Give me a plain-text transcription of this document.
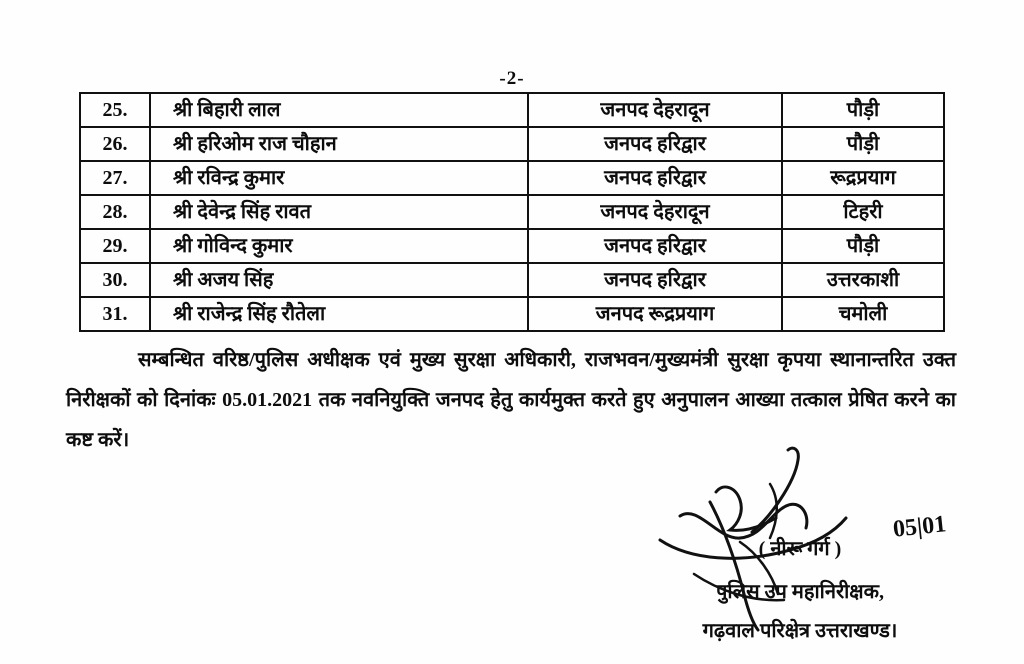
-2-
25.	श्री बिहारी लाल	जनपद देहरादून	पौड़ी
26.	श्री हरिओम राज चौहान	जनपद हरिद्वार	पौड़ी
27.	श्री रविन्द्र कुमार	जनपद हरिद्वार	रूद्रप्रयाग
28.	श्री देवेन्द्र सिंह रावत	जनपद देहरादून	टिहरी
29.	श्री गोविन्द कुमार	जनपद हरिद्वार	पौड़ी
30.	श्री अजय सिंह	जनपद हरिद्वार	उत्तरकाशी
31.	श्री राजेन्द्र सिंह रौतेला	जनपद रूद्रप्रयाग	चमोली
सम्बन्धित वरिष्ठ/पुलिस अधीक्षक एवं मुख्य सुरक्षा अधिकारी, राजभवन/मुख्यमंत्री सुरक्षा कृपया स्थानान्तरित उक्त निरीक्षकों को दिनांकः 05.01.2021 तक नवनियुक्ति जनपद हेतु कार्यमुक्त करते हुए अनुपालन आख्या तत्काल प्रेषित करने का कष्ट करें।
( नीरू गर्ग )
05|01
पुलिस उप महानिरीक्षक,
गढ़वाल परिक्षेत्र उत्तराखण्ड।
